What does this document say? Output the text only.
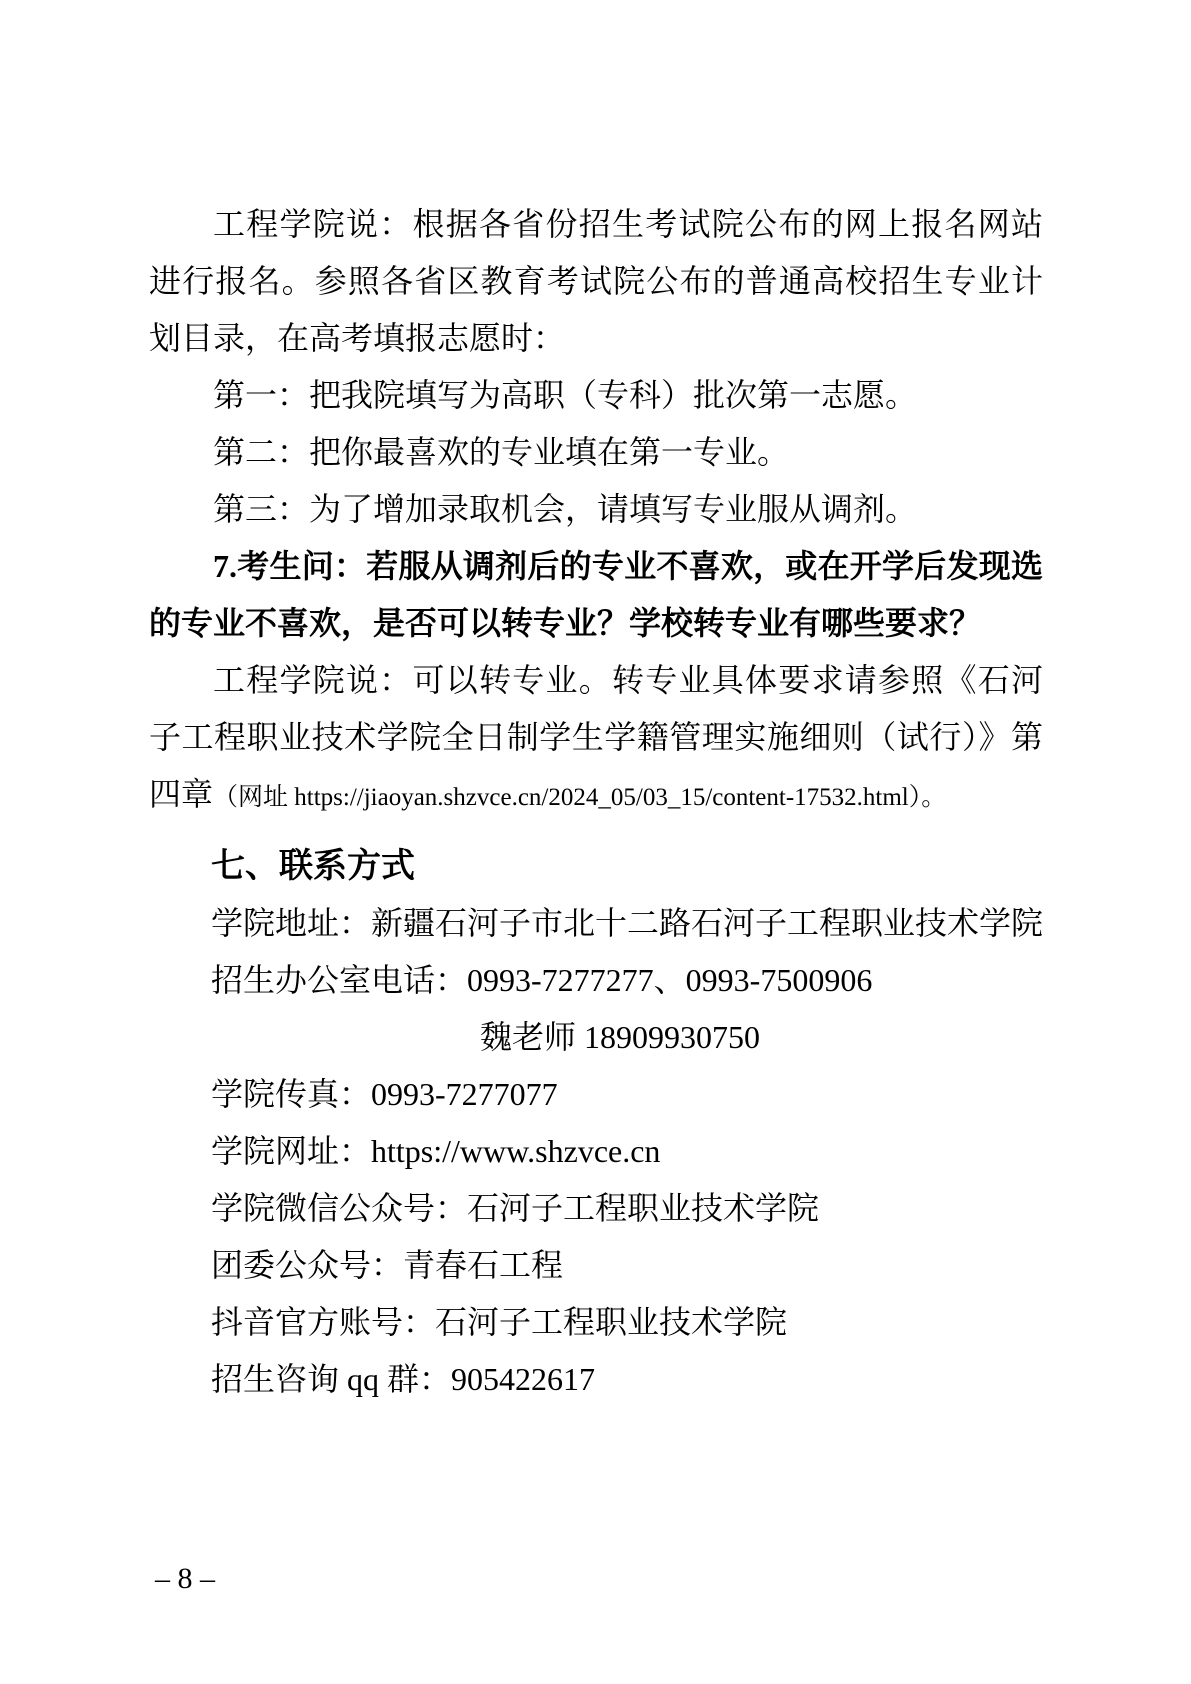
工程学院说：根据各省份招生考试院公布的网上报名网站进行报名。参照各省区教育考试院公布的普通高校招生专业计划目录，在高考填报志愿时：

第一：把我院填写为高职（专科）批次第一志愿。

第二：把你最喜欢的专业填在第一专业。

第三：为了增加录取机会，请填写专业服从调剂。

7.考生问：若服从调剂后的专业不喜欢，或在开学后发现选的专业不喜欢，是否可以转专业？学校转专业有哪些要求？

工程学院说：可以转专业。转专业具体要求请参照《石河子工程职业技术学院全日制学生学籍管理实施细则（试行）》第四章（网址 https://jiaoyan.shzvce.cn/2024_05/03_15/content-17532.html）。

七、联系方式

学院地址：新疆石河子市北十二路石河子工程职业技术学院

招生办公室电话：0993-7277277、0993-7500906

魏老师 18909930750

学院传真：0993-7277077

学院网址：https://www.shzvce.cn

学院微信公众号：石河子工程职业技术学院

团委公众号：青春石工程

抖音官方账号：石河子工程职业技术学院

招生咨询 qq 群：905422617

– 8 –
